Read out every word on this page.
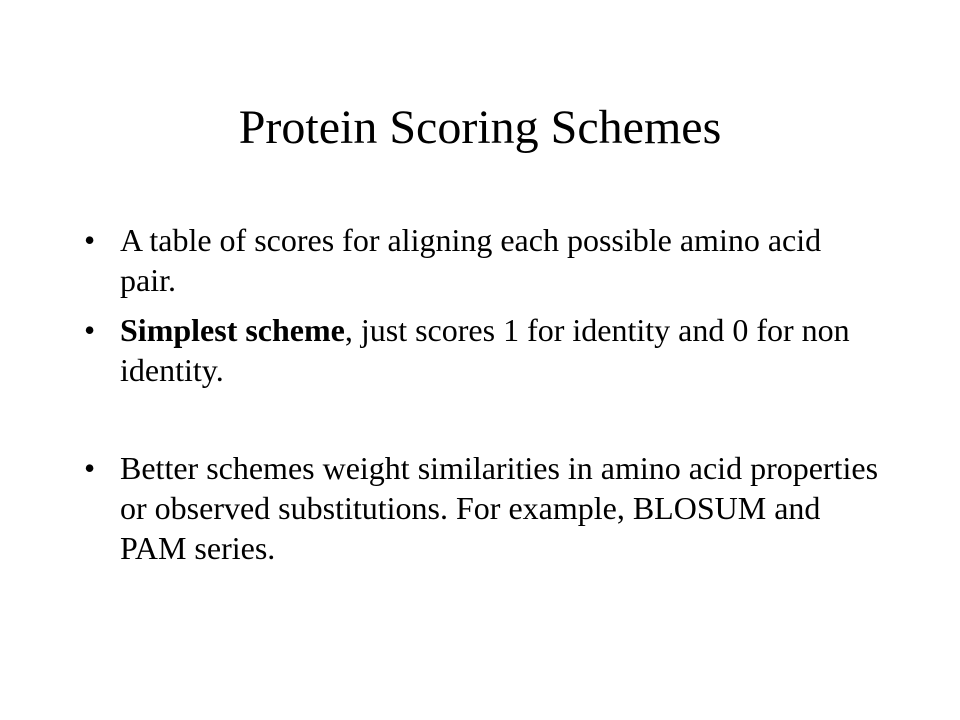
Protein Scoring Schemes
• A table of scores for aligning each possible amino acid pair.
• Simplest scheme, just scores 1 for identity and 0 for non identity.
• Better schemes weight similarities in amino acid properties or observed substitutions. For example, BLOSUM and PAM series.
